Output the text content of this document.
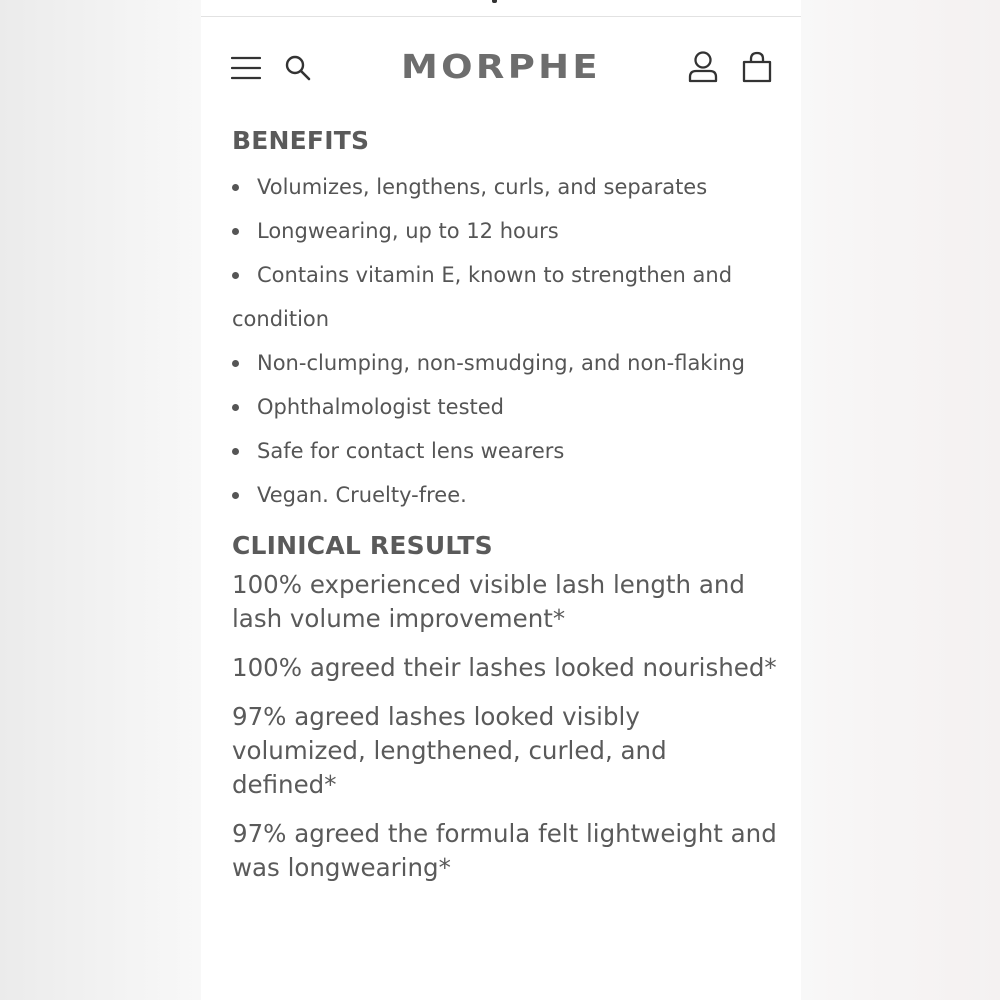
MORPHE
BENEFITS
Volumizes, lengthens, curls, and separates
Longwearing, up to 12 hours
Contains vitamin E, known to strengthen and
condition
Non-clumping, non-smudging, and non-flaking
Ophthalmologist tested
Safe for contact lens wearers
Vegan. Cruelty-free.
CLINICAL RESULTS

100% experienced visible lash length and lash volume improvement*

100% agreed their lashes looked nourished*

97% agreed lashes looked visibly volumized, lengthened, curled, and defined*

97% agreed the formula felt lightweight and was longwearing*
